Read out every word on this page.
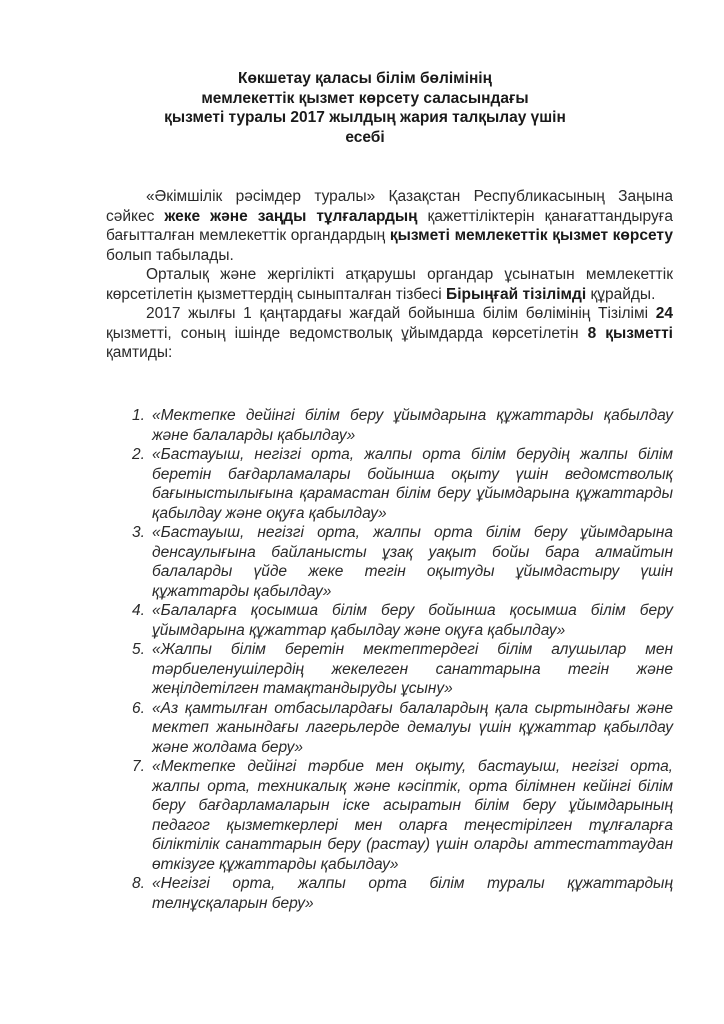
Көкшетау қаласы білім бөлімінің
мемлекеттік қызмет көрсету саласындағы
қызметі туралы 2017 жылдың жария талқылау үшін
есебі

«Әкімшілік рәсімдер туралы» Қазақстан Республикасының Заңына сәйкес жеке және заңды тұлғалардың қажеттіліктерін қанағаттандыруға бағытталған мемлекеттік органдардың қызметі мемлекеттік қызмет көрсету болып табылады.

Орталық және жергілікті атқарушы органдар ұсынатын мемлекеттік көрсетілетін қызметтердің сыныпталған тізбесі Бірыңғай тізілімді құрайды.

2017 жылғы 1 қаңтардағы жағдай бойынша білім бөлімінің Тізілімі 24 қызметті, соның ішінде ведомстволық ұйымдарда көрсетілетін 8 қызметті қамтиды:

1. «Мектепке дейінгі білім беру ұйымдарына құжаттарды қабылдау және балаларды қабылдау»
2. «Бастауыш, негізгі орта, жалпы орта білім берудің жалпы білім беретін бағдарламалары бойынша оқыту үшін ведомстволық бағыныстылығына қарамастан білім беру ұйымдарына құжаттарды қабылдау және оқуға қабылдау»
3. «Бастауыш, негізгі орта, жалпы орта білім беру ұйымдарына денсаулығына байланысты ұзақ уақыт бойы бара алмайтын балаларды үйде жеке тегін оқытуды ұйымдастыру үшін құжаттарды қабылдау»
4. «Балаларға қосымша білім беру бойынша қосымша білім беру ұйымдарына құжаттар қабылдау және оқуға қабылдау»
5. «Жалпы білім беретін мектептердегі білім алушылар мен тәрбиеленушілердің жекелеген санаттарына тегін және жеңілдетілген тамақтандыруды ұсыну»
6. «Аз қамтылған отбасылардағы балалардың қала сыртындағы және мектеп жанындағы лагерьлерде демалуы үшін құжаттар қабылдау және жолдама беру»
7. «Мектепке дейінгі тәрбие мен оқыту, бастауыш, негізгі орта, жалпы орта, техникалық және кәсіптік, орта білімнен кейінгі білім беру бағдарламаларын іске асыратын білім беру ұйымдарының педагог қызметкерлері мен оларға теңестірілген тұлғаларға біліктілік санаттарын беру (растау) үшін оларды аттестаттаудан өткізуге құжаттарды қабылдау»
8. «Негізгі орта, жалпы орта білім туралы құжаттардың телнұсқаларын беру»
